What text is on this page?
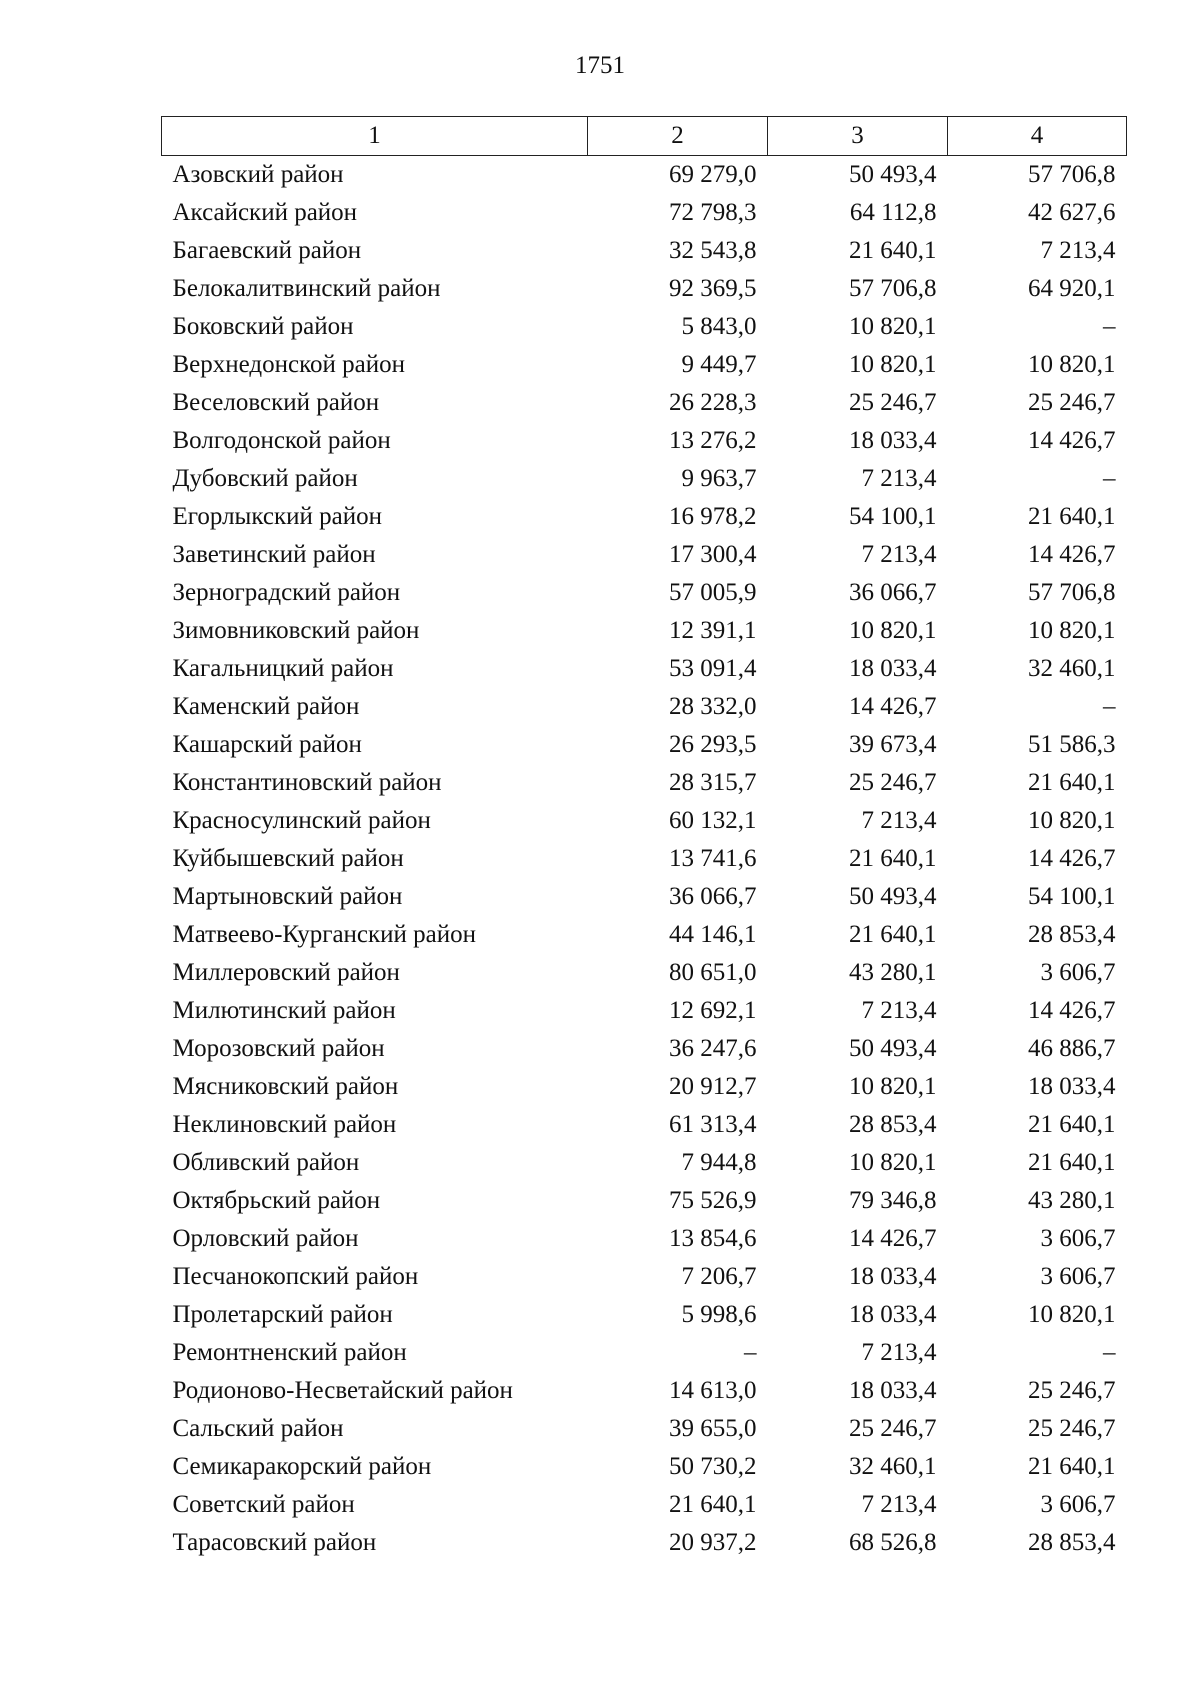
1751
1	2	3	4
Азовский район	69 279,0	50 493,4	57 706,8
Аксайский район	72 798,3	64 112,8	42 627,6
Багаевский район	32 543,8	21 640,1	7 213,4
Белокалитвинский район	92 369,5	57 706,8	64 920,1
Боковский район	5 843,0	10 820,1	–
Верхнедонской район	9 449,7	10 820,1	10 820,1
Веселовский район	26 228,3	25 246,7	25 246,7
Волгодонской район	13 276,2	18 033,4	14 426,7
Дубовский район	9 963,7	7 213,4	–
Егорлыкский район	16 978,2	54 100,1	21 640,1
Заветинский район	17 300,4	7 213,4	14 426,7
Зерноградский район	57 005,9	36 066,7	57 706,8
Зимовниковский район	12 391,1	10 820,1	10 820,1
Кагальницкий район	53 091,4	18 033,4	32 460,1
Каменский район	28 332,0	14 426,7	–
Кашарский район	26 293,5	39 673,4	51 586,3
Константиновский район	28 315,7	25 246,7	21 640,1
Красносулинский район	60 132,1	7 213,4	10 820,1
Куйбышевский район	13 741,6	21 640,1	14 426,7
Мартыновский район	36 066,7	50 493,4	54 100,1
Матвеево-Курганский район	44 146,1	21 640,1	28 853,4
Миллеровский район	80 651,0	43 280,1	3 606,7
Милютинский район	12 692,1	7 213,4	14 426,7
Морозовский район	36 247,6	50 493,4	46 886,7
Мясниковский район	20 912,7	10 820,1	18 033,4
Неклиновский район	61 313,4	28 853,4	21 640,1
Обливский район	7 944,8	10 820,1	21 640,1
Октябрьский район	75 526,9	79 346,8	43 280,1
Орловский район	13 854,6	14 426,7	3 606,7
Песчанокопский район	7 206,7	18 033,4	3 606,7
Пролетарский район	5 998,6	18 033,4	10 820,1
Ремонтненский район	–	7 213,4	–
Родионово-Несветайский район	14 613,0	18 033,4	25 246,7
Сальский район	39 655,0	25 246,7	25 246,7
Семикаракорский район	50 730,2	32 460,1	21 640,1
Советский район	21 640,1	7 213,4	3 606,7
Тарасовский район	20 937,2	68 526,8	28 853,4
